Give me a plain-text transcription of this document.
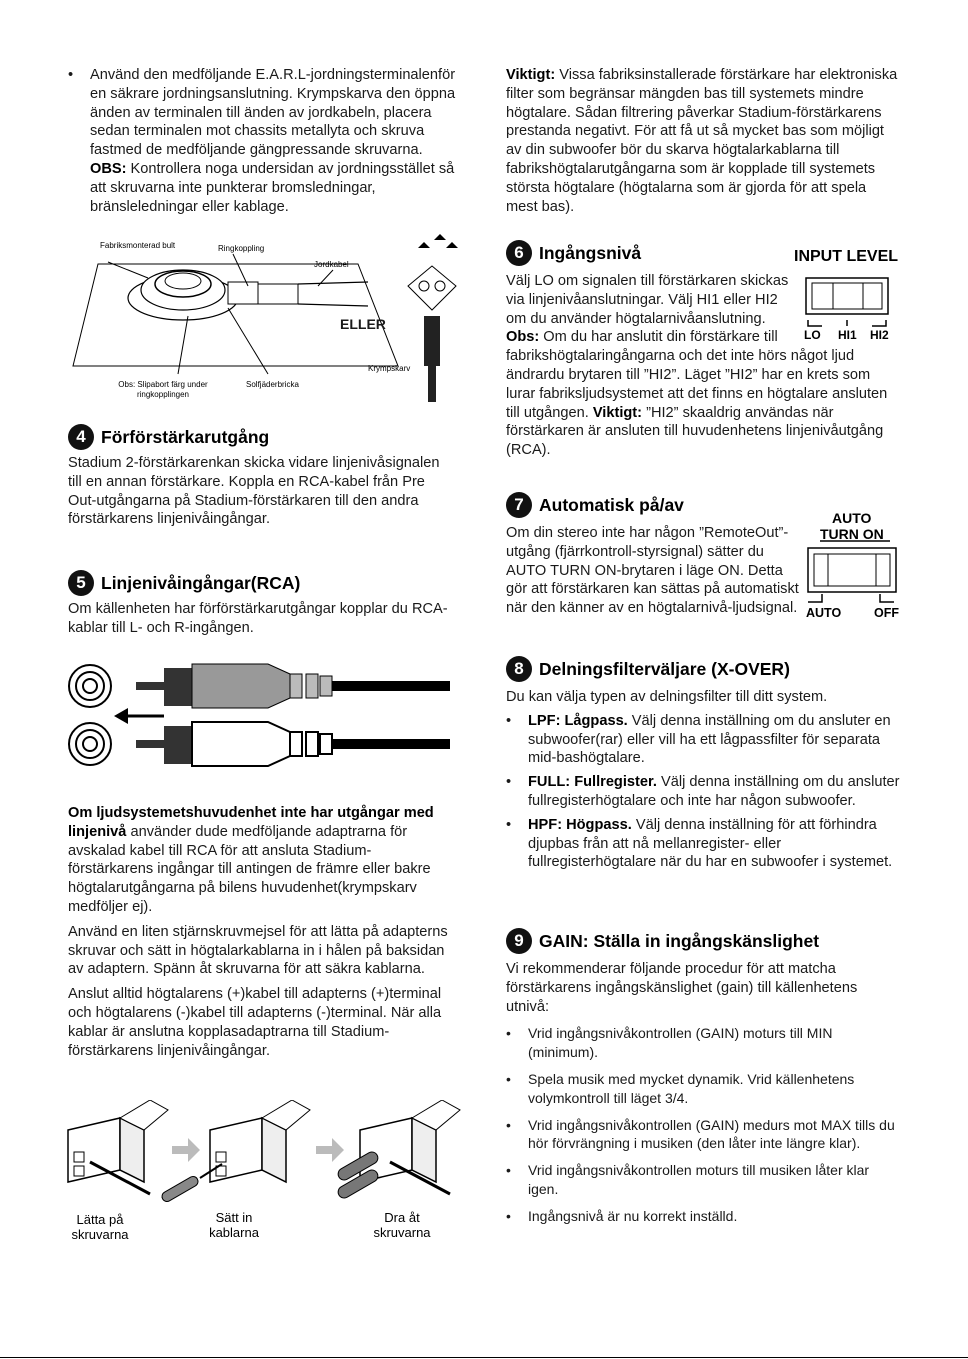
• Använd den medföljande E.A.R.L-jordningsterminalenför en säkrare jordningsanslutning. Krympskarva den öppna änden av terminalen till änden av jordkabeln, placera sedan terminalen mot chassits metallyta och skruva fastmed de medföljande gängpressande skruvarna.
OBS: Kontrollera noga undersidan av jordningsstället så att skruvarna inte punkterar bromsledningar, bränsleledningar eller kablage.

Fabriksmonterad bult	Ringkoppling
Jordkabel
ELLER
Krympskarv
Obs: Slipabort färg under ringkopplingen
Solfjäderbricka
4 Förförstärkarutgång

Stadium 2-förstärkarenkan skicka vidare linjenivåsignalen till en annan förstärkare. Koppla en RCA-kabel från Pre Out-utgångarna på Stadium-förstärkaren till den andra förstärkarens linjenivåingångar.

5 Linjenivåingångar(RCA)

Om källenheten har förförstärkarutgångar kopplar du RCA-kablar till L- och R-ingången.

Om ljudsystemetshuvudenhet inte har utgångar med linjenivå använder dude medföljande adaptrarna för avskalad kabel till RCA för att ansluta Stadium-förstärkarens ingångar till antingen de främre eller bakre högtalarutgångarna på bilens huvudenhet(krympskarv medföljer ej).

Använd en liten stjärnskruvmejsel för att lätta på adapterns skruvar och sätt in högtalarkablarna in i hålen på baksidan av adaptern. Spänn åt skruvarna för att säkra kablarna.

Anslut alltid högtalarens (+)kabel till adapterns (+)terminal och högtalarens (-)kabel till adapterns (-)terminal. När alla kablar är anslutna kopplasadaptrarna till Stadium-förstärkarens linjenivåingångar.

Lätta på skruvarna
Sätt in kablarna
Dra åt skruvarna

Viktigt: Vissa fabriksinstallerade förstärkare har elektroniska filter som begränsar mängden bas till systemets mindre högtalare. Sådan filtrering påverkar Stadium-förstärkarens prestanda negativt. För att få ut så mycket bas som möjligt av din subwoofer bör du skarva högtalarkablarna till fabrikshögtalarutgångarna som är kopplade till systemets största högtalare (högtalarna som är gjorda för att spela mest bas).

6 Ingångsnivå

Välj LO om signalen till förstärkaren skickas via linjenivåanslutningar. Välj HI1 eller HI2 om du använder högtalarnivåanslutning.

Obs: Om du har anslutit din förstärkare till fabrikshögtalaringångarna och det inte hörs något ljud ändrardu brytaren till ”HI2”. Läget ”HI2” har en krets som lurar fabriksljudsystemet att det finns en högtalare ansluten till utgången. Viktigt: ”HI2” skaaldrig användas när förstärkaren är ansluten till huvudenhetens linjenivåutgång (RCA).

INPUT LEVEL
LO HI1 HI2
7 Automatisk på/av

Om din stereo inte har någon ”RemoteOut”-utgång (fjärrkontroll-styrsignal) sätter du AUTO TURN ON-brytaren i läge ON. Detta gör att förstärkaren kan sättas på automatiskt när den känner av en högtalarnivå-ljudsignal.

AUTO
TURN ON
AUTO	OFF
8 Delningsfilterväljare (X-OVER)

Du kan välja typen av delningsfilter till ditt system.

• LPF: Lågpass. Välj denna inställning om du ansluter en subwoofer(rar) eller vill ha ett lågpassfilter för separata mid-bashögtalare.

• FULL: Fullregister. Välj denna inställning om du ansluter fullregisterhögtalare och inte har någon subwoofer.

• HPF: Högpass. Välj denna inställning för att förhindra djupbas från att nå mellanregister- eller fullregisterhögtalare när du har en subwoofer i systemet.

9 GAIN: Ställa in ingångskänslighet

Vi rekommenderar följande procedur för att matcha förstärkarens ingångskänslighet (gain) till källenhetens utnivå:

• Vrid ingångsnivåkontrollen (GAIN) moturs till MIN (minimum).

• Spela musik med mycket dynamik. Vrid källenhetens volymkontroll till läget 3/4.

• Vrid ingångsnivåkontrollen (GAIN) medurs mot MAX tills du hör förvrängning i musiken (den låter inte längre klar).

• Vrid ingångsnivåkontrollen moturs till musiken låter klar igen.

• Ingångsnivå är nu korrekt inställd.
